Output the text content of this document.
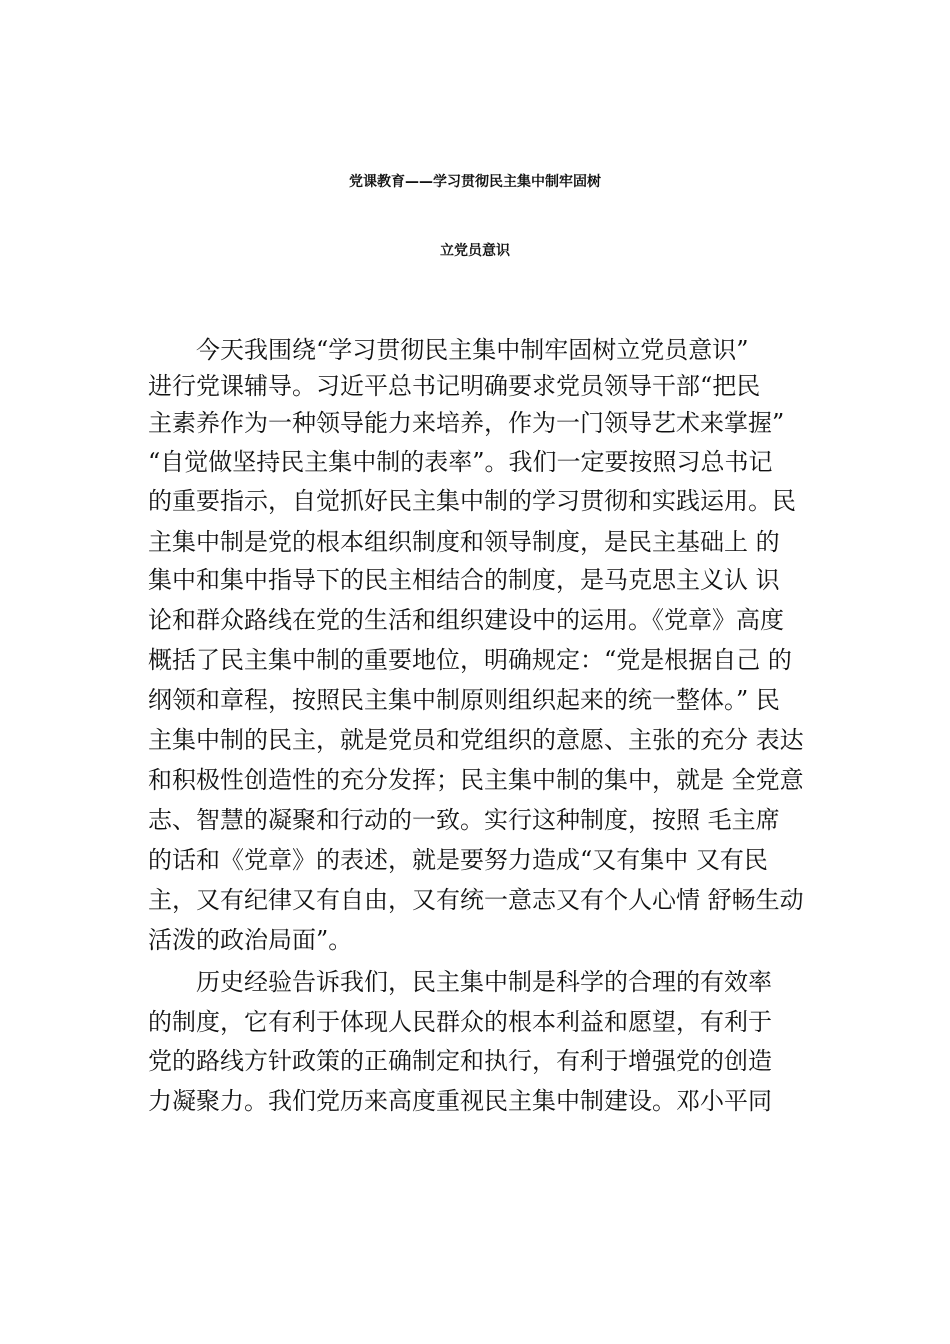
党课教育——学习贯彻民主集中制牢固树
立党员意识
今天我围绕“学习贯彻民主集中制牢固树立党员意识”
进行党课辅导。习近平总书记明确要求党员领导干部“把民
主素养作为一种领导能力来培养，作为一门领导艺术来掌握”
“自觉做坚持民主集中制的表率”。我们一定要按照习总书记
的重要指示，自觉抓好民主集中制的学习贯彻和实践运用。民
主集中制是党的根本组织制度和领导制度，是民主基础上 的
集中和集中指导下的民主相结合的制度，是马克思主义认 识
论和群众路线在党的生活和组织建设中的运用。《党章》高度
概括了民主集中制的重要地位，明确规定：“党是根据自己 的
纲领和章程，按照民主集中制原则组织起来的统一整体。” 民
主集中制的民主，就是党员和党组织的意愿、主张的充分 表达
和积极性创造性的充分发挥；民主集中制的集中，就是 全党意
志、智慧的凝聚和行动的一致。实行这种制度，按照 毛主席
的话和《党章》的表述，就是要努力造成“又有集中 又有民
主，又有纪律又有自由，又有统一意志又有个人心情 舒畅生动
活泼的政治局面”。
历史经验告诉我们，民主集中制是科学的合理的有效率
的制度，它有利于体现人民群众的根本利益和愿望，有利于
党的路线方针政策的正确制定和执行，有利于增强党的创造
力凝聚力。我们党历来高度重视民主集中制建设。邓小平同
